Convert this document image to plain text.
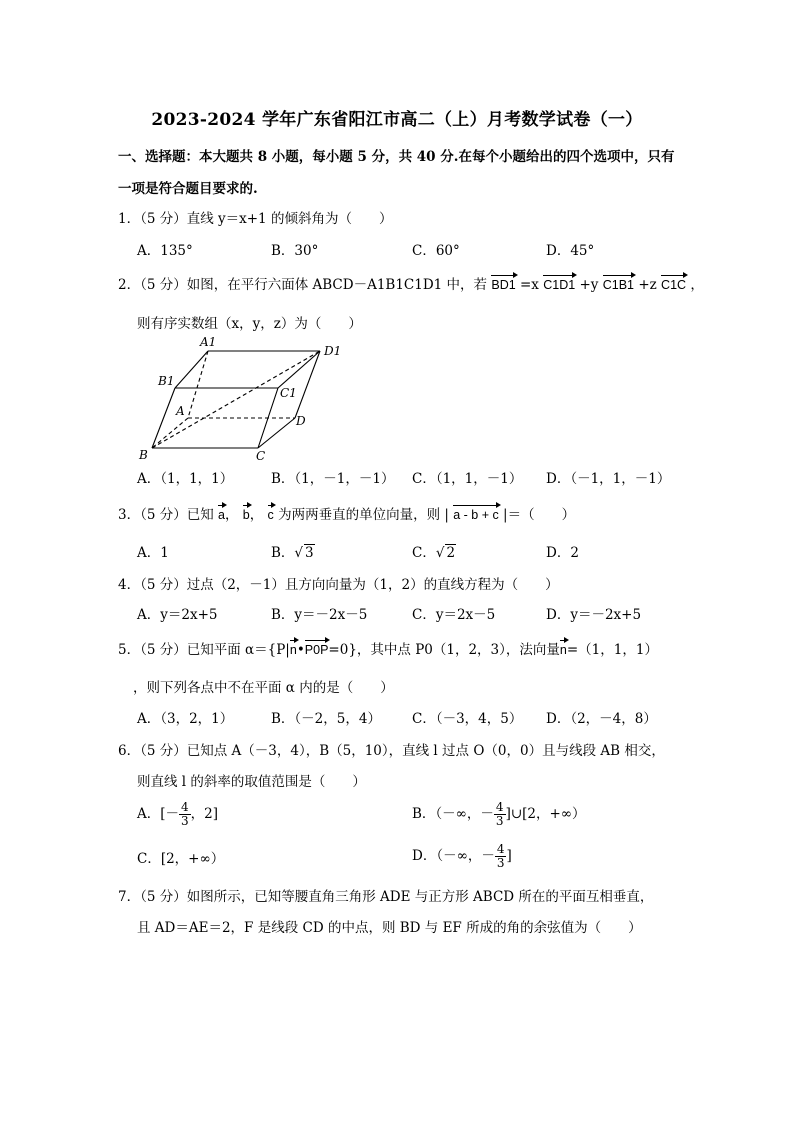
2023-2024 学年广东省阳江市高二（上）月考数学试卷（一）
一、选择题：本大题共 8 小题，每小题 5 分，共 40 分.在每个小题给出的四个选项中，只有
一项是符合题目要求的.
1．（5 分）直线 y＝x+1 的倾斜角为（　　）
A．135°	B．30°	C．60°	D．45°
2．（5 分）如图，在平行六面体 ABCD－A1B1C1D1 中，若 BD1 =x C1D1 +y C1B1 +z C1C ，
则有序实数组（x，y，z）为（　　）
A1
D1
B1
C1
A
D
B	C
A．（1，1，1）	B．（1，－1，－1） C．（1，1，－1） D．（－1，1，－1）
3．（5 分）已知 a， b， c 为两两垂直的单位向量，则 | a - b + c |＝（　　）
A．1	B．√ 3	C．√ 2	D．2
4．（5 分）过点（2，－1）且方向向量为（1，2）的直线方程为（　　）
A．y＝2x+5	B．y＝－2x－5	C．y＝2x－5	D．y＝－2x+5
5．（5 分）已知平面 α＝{P|n•P0P=0}，其中点 P0（1，2，3），法向量n=（1，1，1）
，则下列各点中不在平面 α 内的是（　　）
A．（3，2，1）	B．（－2，5，4） C．（－3，4，5） D．（2，－4，8）
6．（5 分）已知点 A（－3，4），B（5，10），直线 l 过点 O（0，0）且与线段 AB 相交，
则直线 l 的斜率的取值范围是（　　）
A．[－ $\frac{4}{3}$ ，2]	B．（－∞，－ $\frac{4}{3}$ ]∪[2，+∞）
C．[2，+∞）	D．（－∞，－ $\frac{4}{3}$ ]
7．（5 分）如图所示，已知等腰直角三角形 ADE 与正方形 ABCD 所在的平面互相垂直，
且 AD＝AE＝2，F 是线段 CD 的中点，则 BD 与 EF 所成的角的余弦值为（　　）
